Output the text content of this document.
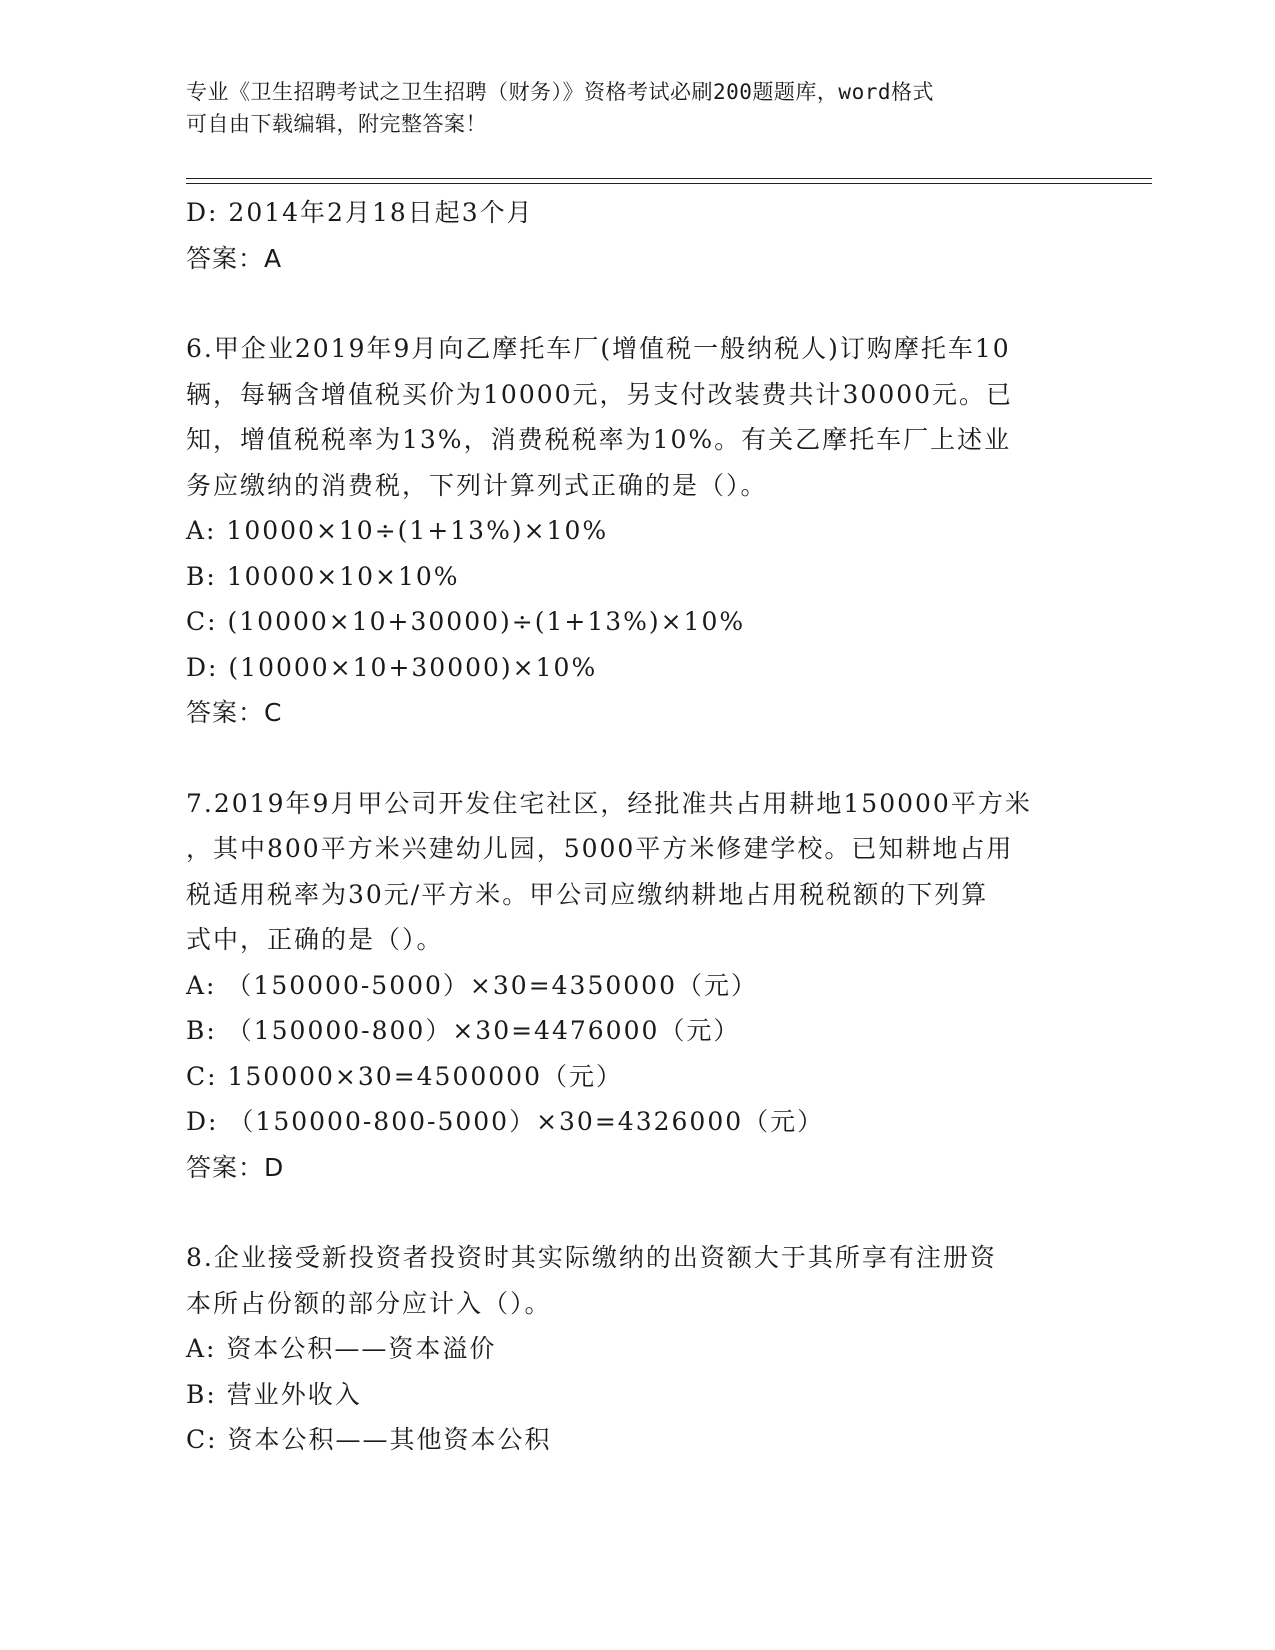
专业《卫生招聘考试之卫生招聘（财务）》资格考试必刷200题题库，word格式
可自由下载编辑，附完整答案！
D: 2014年2月18日起3个月
答案：A
6.甲企业2019年9月向乙摩托车厂(增值税一般纳税人)订购摩托车10
辆，每辆含增值税买价为10000元，另支付改装费共计30000元。已
知，增值税税率为13%，消费税税率为10%。有关乙摩托车厂上述业
务应缴纳的消费税，下列计算列式正确的是（）。
A: 10000×10÷(1+13%)×10%
B: 10000×10×10%
C: (10000×10+30000)÷(1+13%)×10%
D: (10000×10+30000)×10%
答案：C
7.2019年9月甲公司开发住宅社区，经批准共占用耕地150000平方米
，其中800平方米兴建幼儿园，5000平方米修建学校。已知耕地占用
税适用税率为30元/平方米。甲公司应缴纳耕地占用税税额的下列算
式中，正确的是（）。
A: （150000-5000）×30=4350000（元）
B: （150000-800）×30=4476000（元）
C: 150000×30=4500000（元）
D: （150000-800-5000）×30=4326000（元）
答案：D
8.企业接受新投资者投资时其实际缴纳的出资额大于其所享有注册资
本所占份额的部分应计入（）。
A: 资本公积——资本溢价
B: 营业外收入
C: 资本公积——其他资本公积
